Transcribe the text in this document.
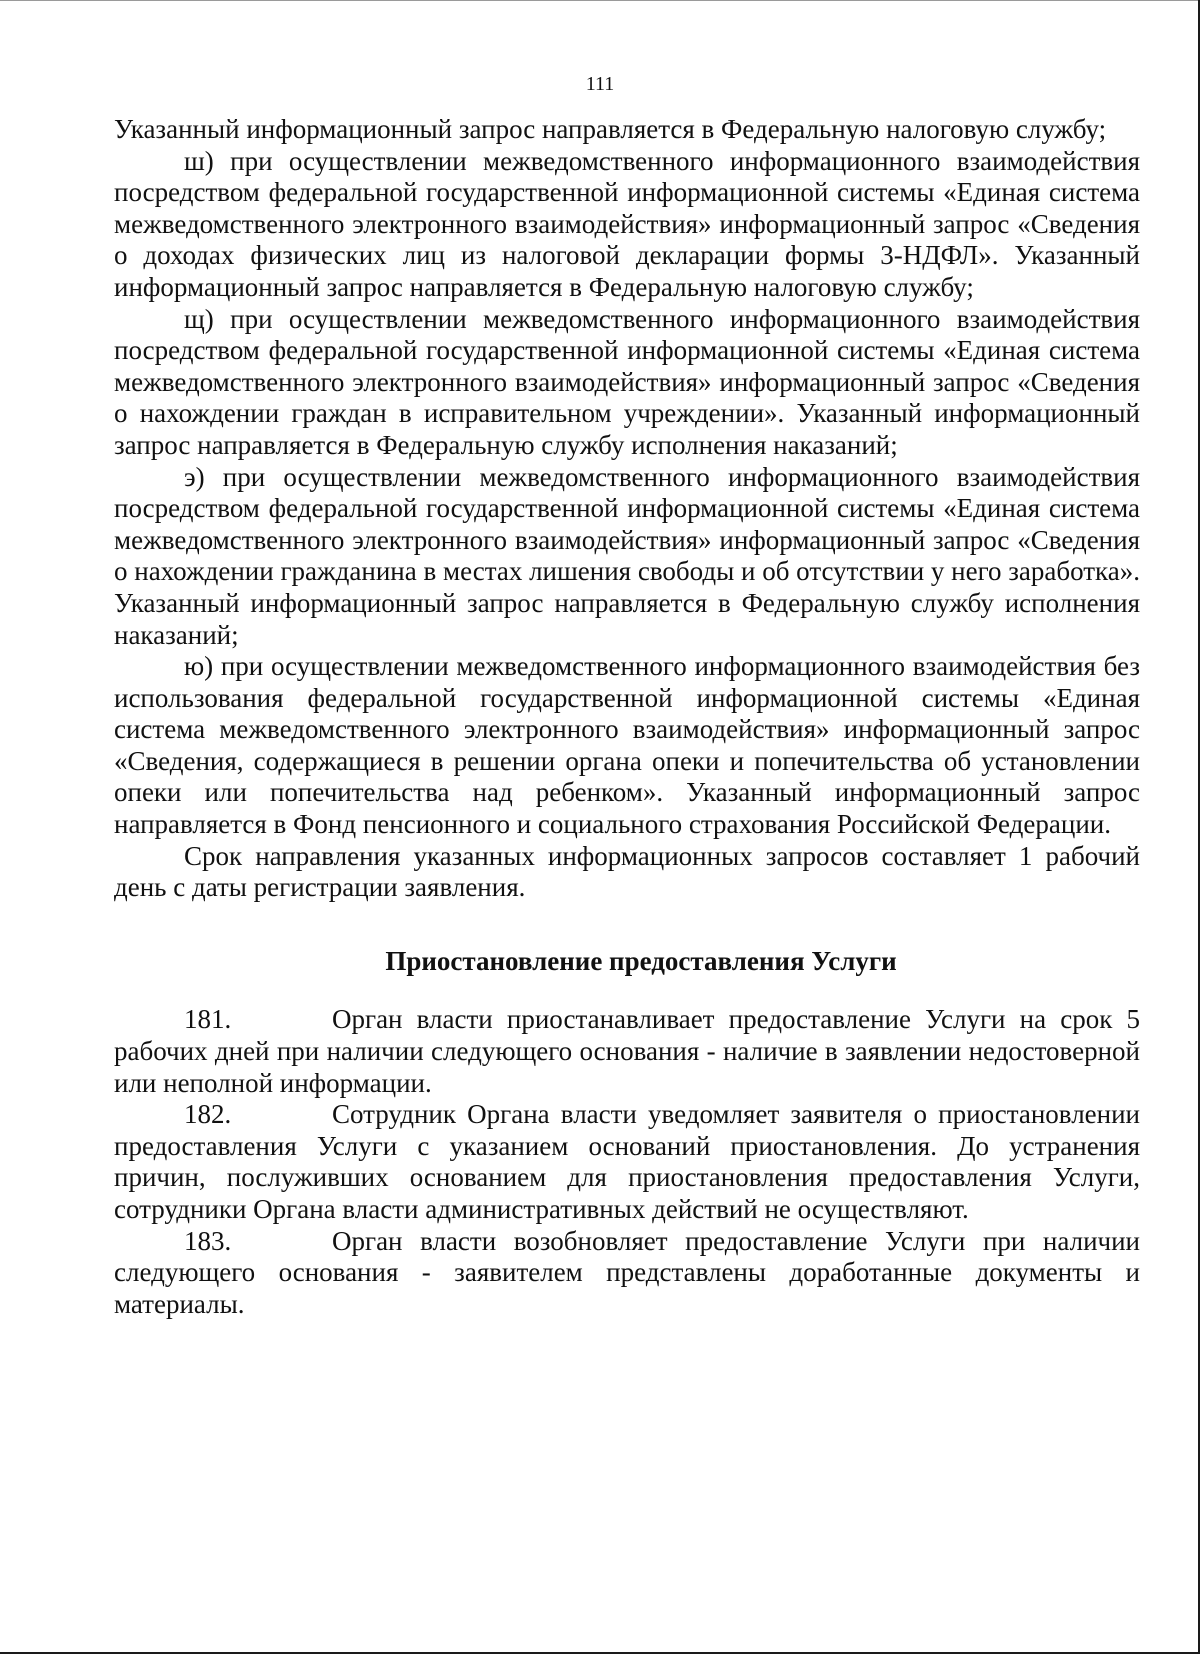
111

Указанный информационный запрос направляется в Федеральную налоговую службу;

ш) при осуществлении межведомственного информационного взаимодействия посредством федеральной государственной информационной системы «Единая система межведомственного электронного взаимодействия» информационный запрос «Сведения о доходах физических лиц из налоговой декларации формы 3-НДФЛ». Указанный информационный запрос направляется в Федеральную налоговую службу;

щ) при осуществлении межведомственного информационного взаимодействия посредством федеральной государственной информационной системы «Единая система межведомственного электронного взаимодействия» информационный запрос «Сведения о нахождении граждан в исправительном учреждении». Указанный информационный запрос направляется в Федеральную службу исполнения наказаний;

э) при осуществлении межведомственного информационного взаимодействия посредством федеральной государственной информационной системы «Единая система межведомственного электронного взаимодействия» информационный запрос «Сведения о нахождении гражданина в местах лишения свободы и об отсутствии у него заработка». Указанный информационный запрос направляется в Федеральную службу исполнения наказаний;

ю) при осуществлении межведомственного информационного взаимодействия без использования федеральной государственной информационной системы «Единая система межведомственного электронного взаимодействия» информационный запрос «Сведения, содержащиеся в решении органа опеки и попечительства об установлении опеки или попечительства над ребенком». Указанный информационный запрос направляется в Фонд пенсионного и социального страхования Российской Федерации.

Срок направления указанных информационных запросов составляет 1 рабочий день с даты регистрации заявления.

Приостановление предоставления Услуги

181.	Орган власти приостанавливает предоставление Услуги на срок 5 рабочих дней при наличии следующего основания - наличие в заявлении недостоверной или неполной информации.

182.	Сотрудник Органа власти уведомляет заявителя о приостановлении предоставления Услуги с указанием оснований приостановления. До устранения причин, послуживших основанием для приостановления предоставления Услуги, сотрудники Органа власти административных действий не осуществляют.

183.	Орган власти возобновляет предоставление Услуги при наличии следующего основания - заявителем представлены доработанные документы и материалы.
